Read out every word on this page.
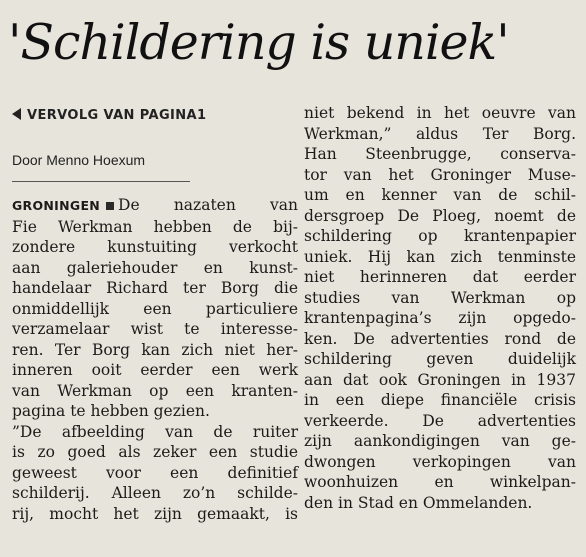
'Schildering is uniek'
VERVOLG VAN PAGINA1
Door Menno Hoexum
GRONINGEN De nazaten van
Fie Werkman hebben de bij-
zondere kunstuiting verkocht
aan galeriehouder en kunst-
handelaar Richard ter Borg die
onmiddellijk een particuliere
verzamelaar wist te interesse-
ren. Ter Borg kan zich niet her-
inneren ooit eerder een werk
van Werkman op een kranten-
pagina te hebben gezien.
”De afbeelding van de ruiter
is zo goed als zeker een studie
geweest voor een definitief
schilderij. Alleen zo’n schilde-
rij, mocht het zijn gemaakt, is
niet bekend in het oeuvre van
Werkman,” aldus Ter Borg.
Han Steenbrugge, conserva-
tor van het Groninger Muse-
um en kenner van de schil-
dersgroep De Ploeg, noemt de
schildering op krantenpapier
uniek. Hij kan zich tenminste
niet herinneren dat eerder
studies van Werkman op
krantenpagina’s zijn opgedo-
ken. De advertenties rond de
schildering geven duidelijk
aan dat ook Groningen in 1937
in een diepe financiële crisis
verkeerde. De advertenties
zijn aankondigingen van ge-
dwongen verkopingen van
woonhuizen en winkelpan-
den in Stad en Ommelanden.
